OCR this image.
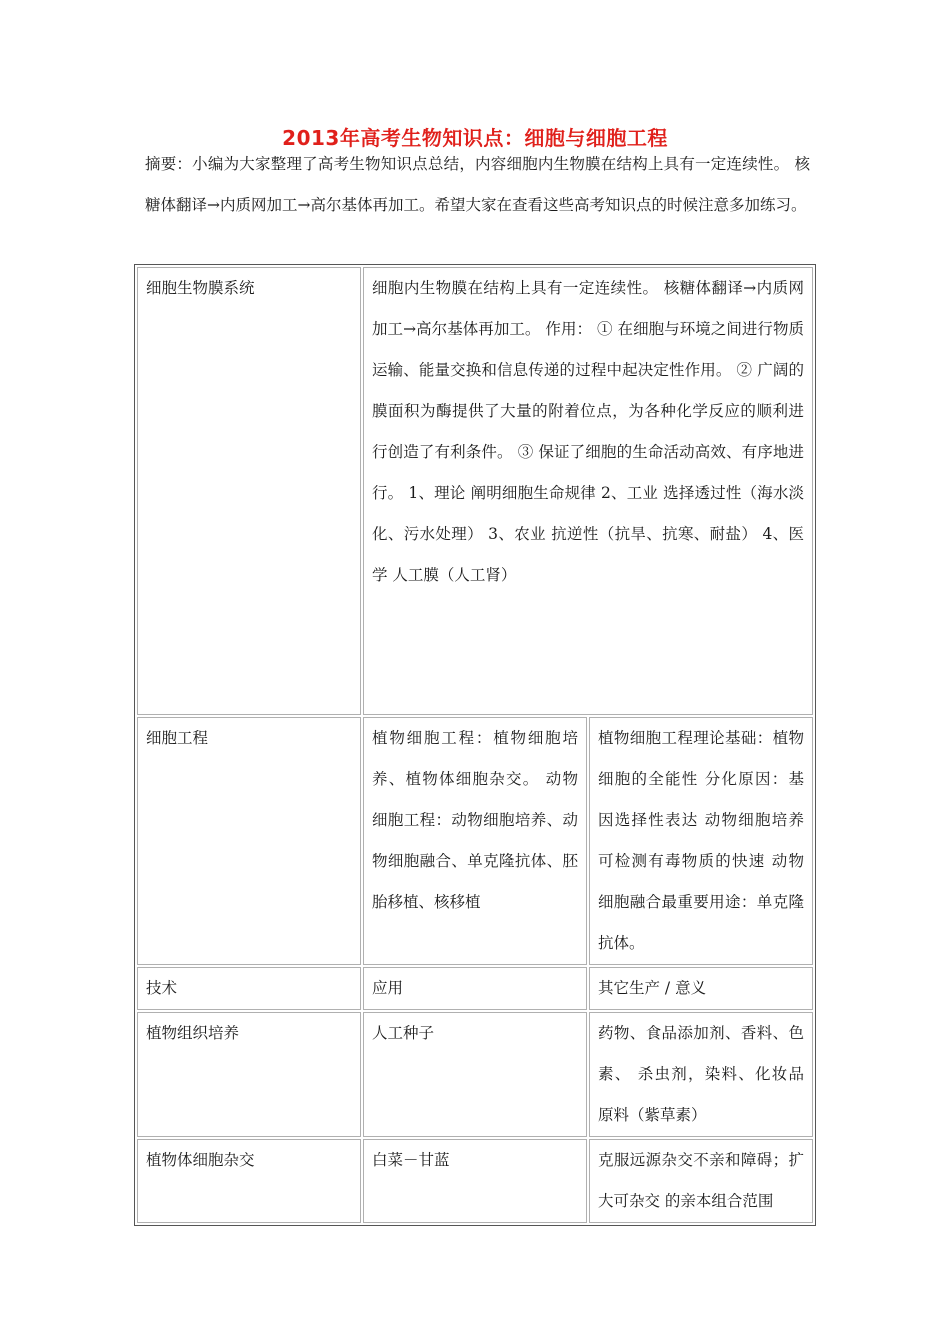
2013年高考生物知识点：细胞与细胞工程

摘要：小编为大家整理了高考生物知识点总结，内容细胞内生物膜在结构上具有一定连续性。 核糖体翻译→内质网加工→高尔基体再加工。希望大家在查看这些高考知识点的时候注意多加练习。

细胞生物膜系统	细胞内生物膜在结构上具有一定连续性。 核糖体翻译→内质网加工→高尔基体再加工。 作用： ① 在细胞与环境之间进行物质运输、能量交换和信息传递的过程中起决定性作用。 ② 广阔的膜面积为酶提供了大量的附着位点，为各种化学反应的顺利进行创造了有利条件。 ③ 保证了细胞的生命活动高效、有序地进行。 1、理论 阐明细胞生命规律 2、工业 选择透过性（海水淡化、污水处理） 3、农业 抗逆性（抗旱、抗寒、耐盐） 4、医学 人工膜（人工肾）	
细胞工程	植物细胞工程：植物细胞培养、植物体细胞杂交。 动物细胞工程：动物细胞培养、动物细胞融合、单克隆抗体、胚胎移植、核移植	植物细胞工程理论基础：植物细胞的全能性 分化原因：基因选择性表达 动物细胞培养可检测有毒物质的快速 动物细胞融合最重要用途：单克隆抗体。
技术	应用	其它生产 / 意义
植物组织培养	人工种子	药物、食品添加剂、香料、色素、 杀虫剂，染料、化妆品原料（紫草素）
植物体细胞杂交	白菜－甘蓝	克服远源杂交不亲和障碍；扩大可杂交 的亲本组合范围
